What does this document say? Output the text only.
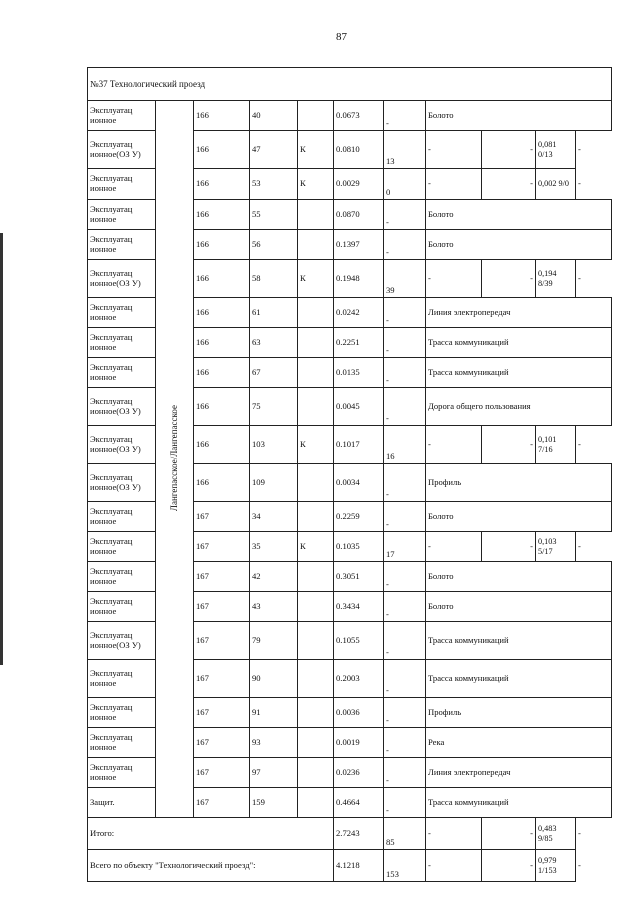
87
№37 Технологический проезд										
Эксплуатац ионное	Лангепасское/Лангепасское	166	40		0.0673	-	Болото			
Эксплуатац ионное(ОЗ У)		166	47	К	0.0810	13	-	-	0,081 0/13	-
Эксплуатац ионное		166	53	К	0.0029	0	-	-	0,002 9/0	-
Эксплуатац ионное		166	55		0.0870	-	Болото			
Эксплуатац ионное		166	56		0.1397	-	Болото			
Эксплуатац ионное(ОЗ У)		166	58	К	0.1948	39	-	-	0,194 8/39	-
Эксплуатац ионное		166	61		0.0242	-	Линия электропередач			
Эксплуатац ионное		166	63		0.2251	-	Трасса коммуникаций			
Эксплуатац ионное		166	67		0.0135	-	Трасса коммуникаций			
Эксплуатац ионное(ОЗ У)		166	75		0.0045	-	Дорога общего пользования			
Эксплуатац ионное(ОЗ У)		166	103	К	0.1017	16	-	-	0,101 7/16	-
Эксплуатац ионное(ОЗ У)		166	109		0.0034	-	Профиль			
Эксплуатац ионное		167	34		0.2259	-	Болото			
Эксплуатац ионное		167	35	К	0.1035	17	-	-	0,103 5/17	-
Эксплуатац ионное		167	42		0.3051	-	Болото			
Эксплуатац ионное		167	43		0.3434	-	Болото			
Эксплуатац ионное(ОЗ У)		167	79		0.1055	-	Трасса коммуникаций			
Эксплуатац ионное		167	90		0.2003	-	Трасса коммуникаций			
Эксплуатац ионное		167	91		0.0036	-	Профиль			
Эксплуатац ионное		167	93		0.0019	-	Река			
Эксплуатац ионное		167	97		0.0236	-	Линия электропередач			
Защит.		167	159		0.4664	-	Трасса коммуникаций			
Итого:					2.7243	85	-	-	0,483 9/85	-
Всего по объекту "Технологический проезд":					4.1218	153	-	-	0,979 1/153	-
